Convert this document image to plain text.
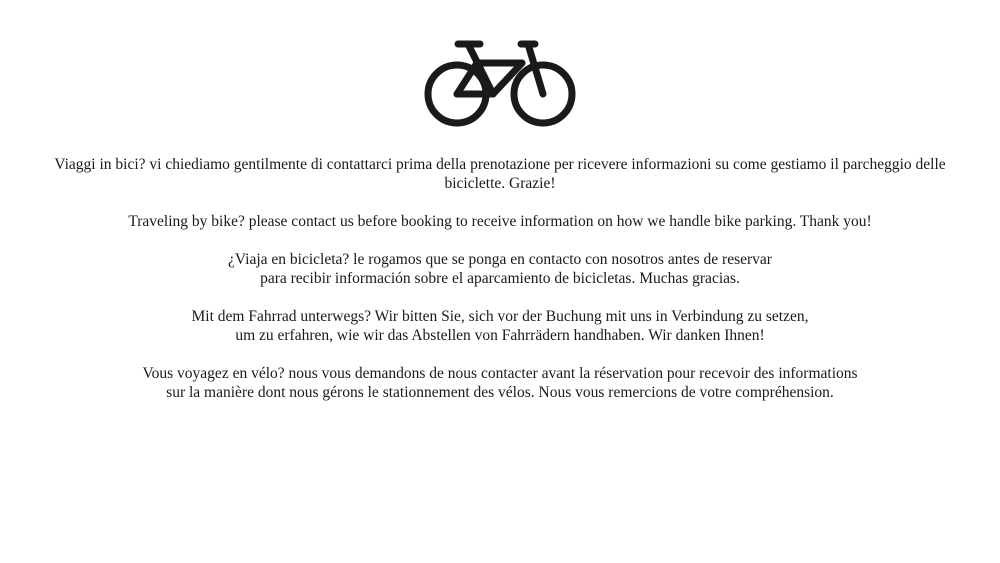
Viaggi in bici? vi chiediamo gentilmente di contattarci prima della prenotazione per ricevere informazioni su come gestiamo il parcheggio delle biciclette. Grazie!

Traveling by bike? please contact us before booking to receive information on how we handle bike parking. Thank you!

¿Viaja en bicicleta? le rogamos que se ponga en contacto con nosotros antes de reservar
para recibir información sobre el aparcamiento de bicicletas. Muchas gracias.

Mit dem Fahrrad unterwegs? Wir bitten Sie, sich vor der Buchung mit uns in Verbindung zu setzen,
um zu erfahren, wie wir das Abstellen von Fahrrädern handhaben. Wir danken Ihnen!

Vous voyagez en vélo? nous vous demandons de nous contacter avant la réservation pour recevoir des informations
sur la manière dont nous gérons le stationnement des vélos. Nous vous remercions de votre compréhension.
